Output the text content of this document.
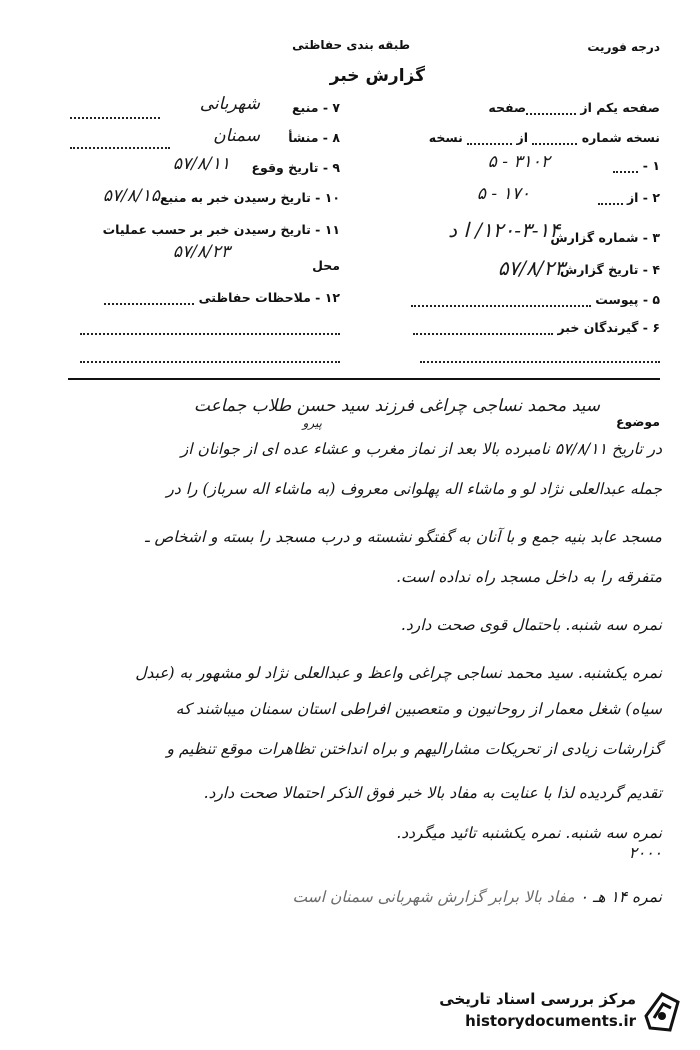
درجه فوریت
طبقه بندی حفاظتی
گزارش خبر
صفحه یکم از صفحه
نسخه شماره  از  نسخه
۱ -
۳۱۰۲ - ۵
۲ - از
۱۷۰ - ۵
۳ - شماره گزارش
۱۲۰-۳-۱۴/ ا د
۴ - تاریخ گزارش
۵۷/۸/۲۳
۵ - پیوست
۶ - گیرندگان خبر
۷ - منبع
شهربانی
۸ - منشأ
سمنان
۹ - تاریخ وقوع
۵۷/۸/۱۱
۱۰ - تاریخ رسیدن خبر به منبع
۵۷/۸/۱۵
۱۱ - تاریخ رسیدن خبر بر حسب عملیات
۵۷/۸/۲۳
محل
۱۲ - ملاحظات حفاظتی
موضوع
سید محمد نساجی چراغی فرزند سید حسن طلاب جماعت
پیرو
در تاریخ ۵۷/۸/۱۱ نامبرده بالا بعد از نماز مغرب و عشاء عده ای از جوانان از
جمله عبدالعلی نژاد لو و ماشاء اله پهلوانی معروف (به ماشاء اله سرباز) را در
مسجد عابد بنیه جمع و با آنان به گفتگو نشسته و درب مسجد را بسته و اشخاص ـ
متفرقه را به داخل مسجد راه نداده است.
نمره سه شنبه. باحتمال قوی صحت دارد.
نمره یکشنبه. سید محمد نساجی چراغی واعظ و عبدالعلی نژاد لو مشهور به (عبدل
سیاه) شغل معمار از روحانیون و متعصبین افراطی استان سمنان میباشند که
گزارشات زیادی از تحریکات مشارالیهم و براه انداختن تظاهرات موقع تنظیم و
تقدیم گردیده لذا با عنایت به مفاد بالا خبر فوق الذکر احتمالا صحت دارد.
نمره سه شنبه. نمره یکشنبه تائید میگردد.
۲۰۰۰
نمره ۱۴ هـ ۰ مفاد بالا برابر گزارش شهربانی سمنان است
مرکز بررسی اسناد تاریخی
historydocuments.ir
